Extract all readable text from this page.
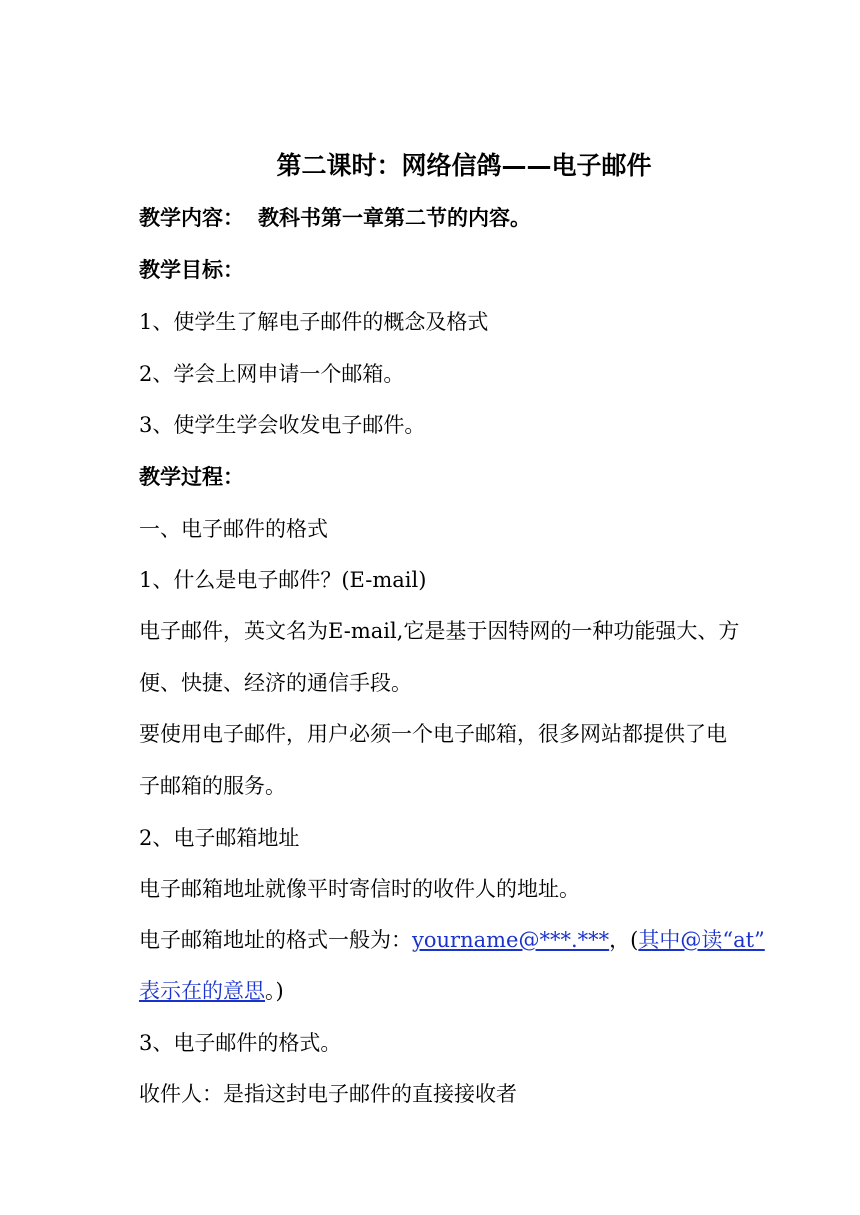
第二课时：网络信鸽——电子邮件
教学内容： 教科书第一章第二节的内容。
教学目标：
1、使学生了解电子邮件的概念及格式
2、学会上网申请一个邮箱。
3、使学生学会收发电子邮件。
教学过程：
一、电子邮件的格式
1、什么是电子邮件？(E-mail)
电子邮件，英文名为E-mail,它是基于因特网的一种功能强大、方
便、快捷、经济的通信手段。
要使用电子邮件，用户必须一个电子邮箱，很多网站都提供了电
子邮箱的服务。
2、电子邮箱地址
电子邮箱地址就像平时寄信时的收件人的地址。
电子邮箱地址的格式一般为：yourname@***.***，(其中@读“at”
表示在的意思。)
3、电子邮件的格式。
收件人：是指这封电子邮件的直接接收者
